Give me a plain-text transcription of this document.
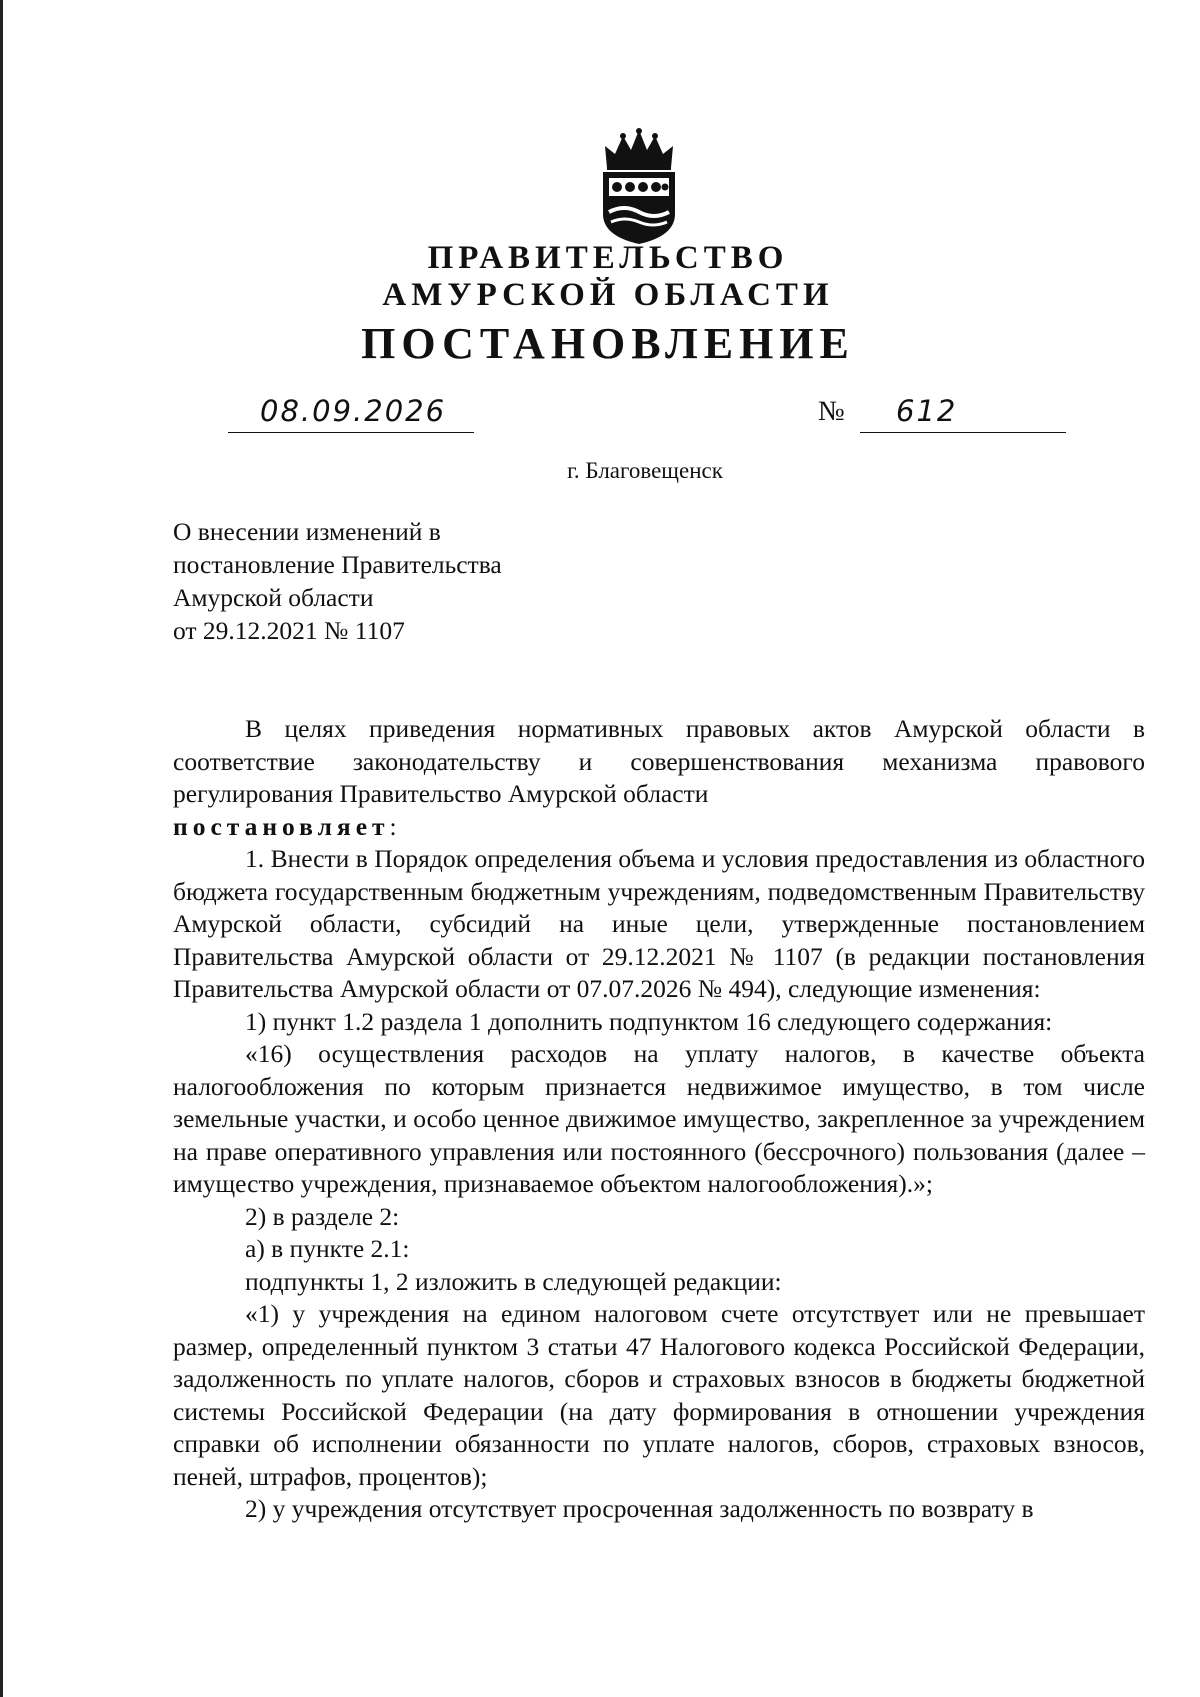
ПРАВИТЕЛЬСТВО
АМУРСКОЙ ОБЛАСТИ
ПОСТАНОВЛЕНИЕ
08.09.2026	№ 612
г. Благовещенск
О внесении изменений в
постановление Правительства
Амурской области
от 29.12.2021 № 1107
В целях приведения нормативных правовых актов Амурской области в соответствие законодательству и совершенствования механизма правового регулирования Правительство Амурской области
постановляет:
1. Внести в Порядок определения объема и условия предоставления из областного бюджета государственным бюджетным учреждениям, подведомственным Правительству Амурской области, субсидий на иные цели, утвержденные постановлением Правительства Амурской области от 29.12.2021 № 1107 (в редакции постановления Правительства Амурской области от 07.07.2026 № 494), следующие изменения:
1) пункт 1.2 раздела 1 дополнить подпунктом 16 следующего содержания:
«16) осуществления расходов на уплату налогов, в качестве объекта налогообложения по которым признается недвижимое имущество, в том числе земельные участки, и особо ценное движимое имущество, закрепленное за учреждением на праве оперативного управления или постоянного (бессрочного) пользования (далее – имущество учреждения, признаваемое объектом налогообложения).»;
2) в разделе 2:
а) в пункте 2.1:
подпункты 1, 2 изложить в следующей редакции:
«1) у учреждения на едином налоговом счете отсутствует или не превышает размер, определенный пунктом 3 статьи 47 Налогового кодекса Российской Федерации, задолженность по уплате налогов, сборов и страховых взносов в бюджеты бюджетной системы Российской Федерации (на дату формирования в отношении учреждения справки об исполнении обязанности по уплате налогов, сборов, страховых взносов, пеней, штрафов, процентов);
2) у учреждения отсутствует просроченная задолженность по возврату в
